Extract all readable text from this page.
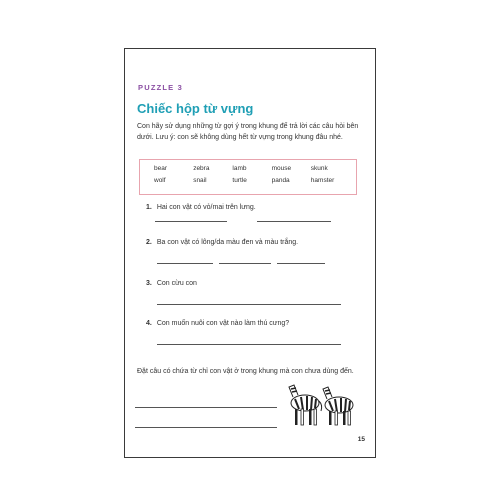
PUZZLE 3
Chiếc hộp từ vựng
Con hãy sử dụng những từ gợi ý trong khung để trả lời các câu hỏi bên dưới. Lưu ý: con sẽ không dùng hết từ vựng trong khung đâu nhé.
bear	zebra	lamb	mouse	skunk
wolf	snail	turtle	panda	hamster
1. Hai con vật có vỏ/mai trên lưng.
2. Ba con vật có lông/da màu đen và màu trắng.
3. Con cừu con
4. Con muốn nuôi con vật nào làm thú cưng?
Đặt câu có chứa từ chỉ con vật ở trong khung mà con chưa dùng đến.
15
